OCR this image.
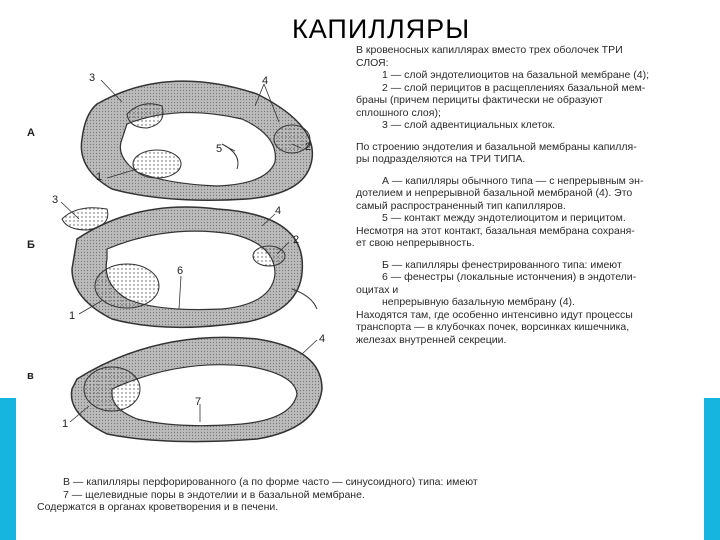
КАПИЛЛЯРЫ
А
Б
в
3	4
5	2
1
3
4
2
6
1
4
7
1

В кровеносных капиллярах вместо трех оболочек ТРИ

СЛОЯ:

1 — слой эндотелиоцитов на базальной мембране (4);

2 — слой перицитов в расщеплениях базальной мем-

браны (причем перициты фактически не образуют

сплошного слоя);

3 — слой адвентициальных клеток.

По строению эндотелия и базальной мембраны капилля-

ры подразделяются на ТРИ ТИПА.

А — капилляры обычного типа — с непрерывным эн-

дотелием и непрерывной базальной мембраной (4). Это

самый распространенный тип капилляров.

5 — контакт между эндотелиоцитом и перицитом.

Несмотря на этот контакт, базальная мембрана сохраня-

ет свою непрерывность.

Б — капилляры фенестрированного типа: имеют

6 — фенестры (локальные истончения) в эндотели-

оцитах и

непрерывную базальную мембрану (4).

Находятся там, где особенно интенсивно идут процессы

транспорта — в клубочках почек, ворсинках кишечника,

железах внутренней секреции.

В — капилляры перфорированного (а по форме часто — синусоидного) типа: имеют

7 — щелевидные поры в эндотелии и в базальной мембране.

Содержатся в органах кроветворения и в печени.
